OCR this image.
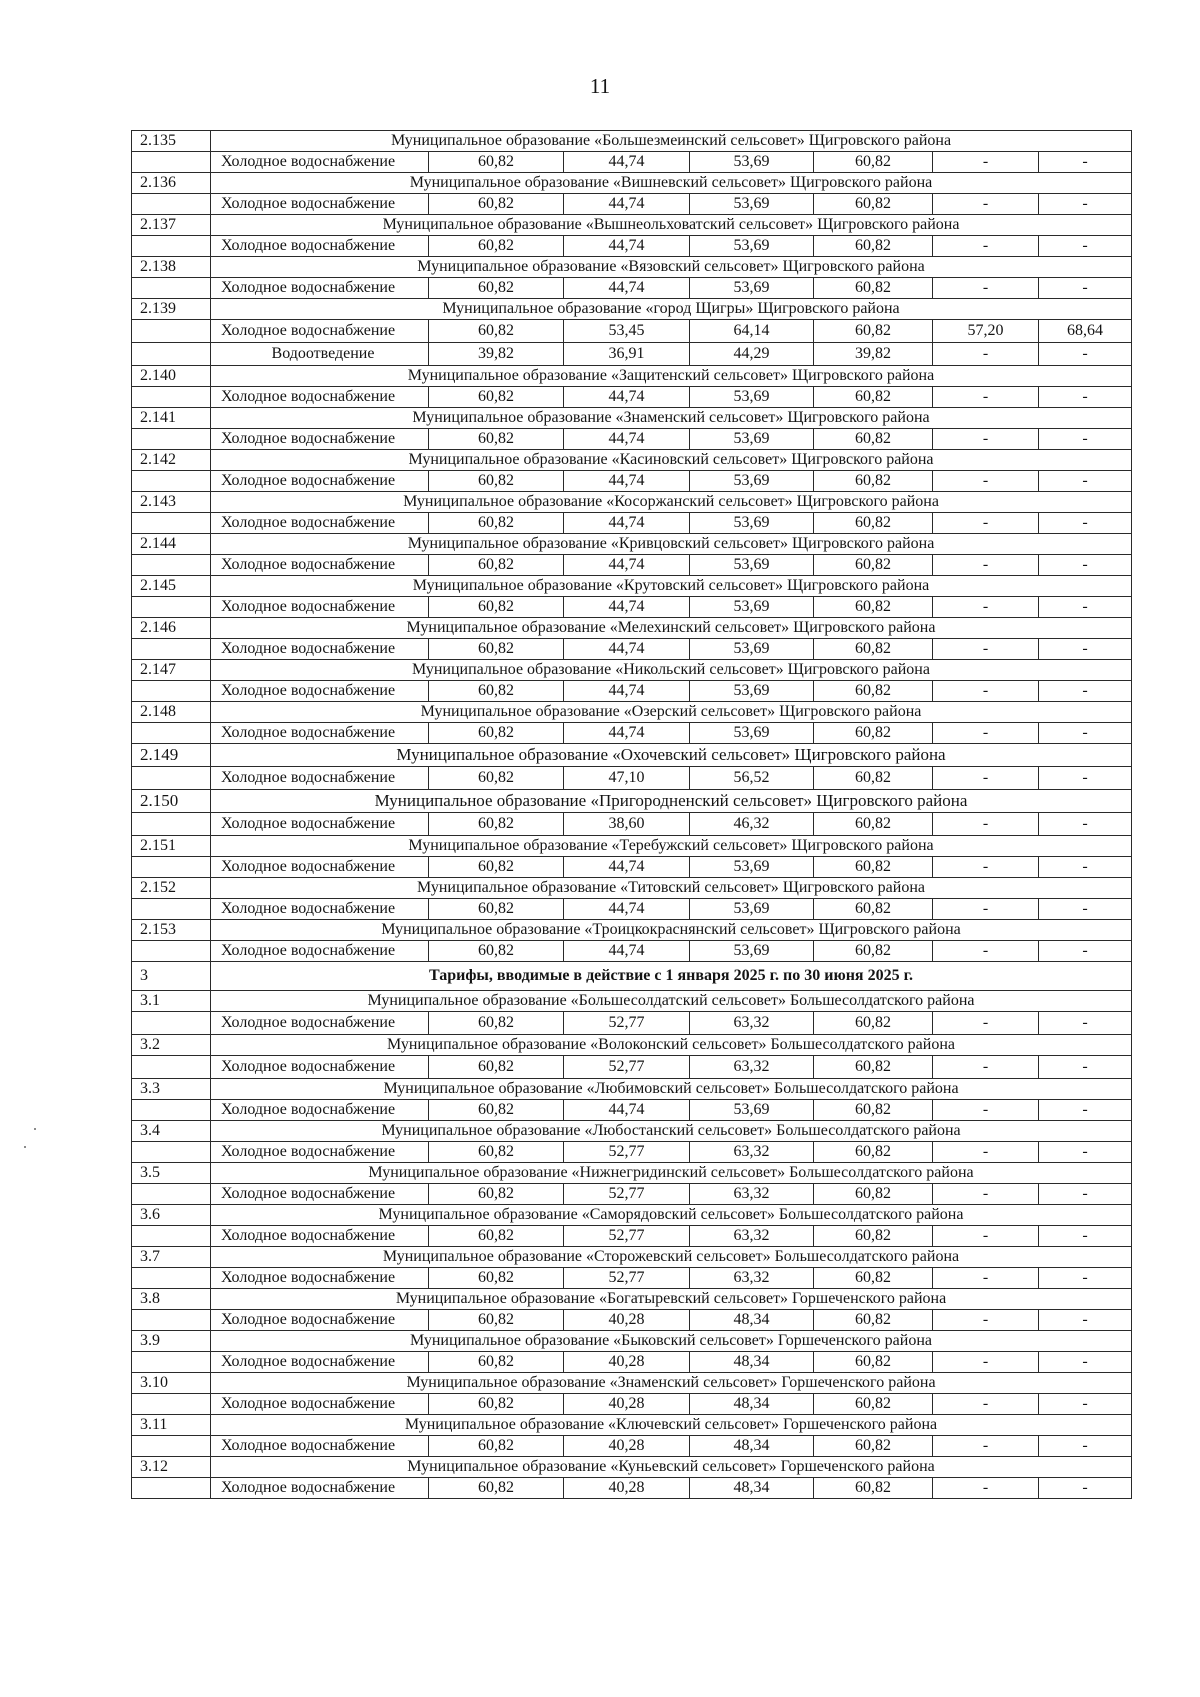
11
2.135	Муниципальное образование «Большезмеинский сельсовет» Щигровского района						
	Холодное водоснабжение	60,82	44,74	53,69	60,82	-	-
2.136	Муниципальное образование «Вишневский сельсовет» Щигровского района						
	Холодное водоснабжение	60,82	44,74	53,69	60,82	-	-
2.137	Муниципальное образование «Вышнеольховатский сельсовет» Щигровского района						
	Холодное водоснабжение	60,82	44,74	53,69	60,82	-	-
2.138	Муниципальное образование «Вязовский сельсовет» Щигровского района						
	Холодное водоснабжение	60,82	44,74	53,69	60,82	-	-
2.139	Муниципальное образование «город Щигры» Щигровского района						
	Холодное водоснабжение	60,82	53,45	64,14	60,82	57,20	68,64
	Водоотведение	39,82	36,91	44,29	39,82	-	-
2.140	Муниципальное образование «Защитенский сельсовет» Щигровского района						
	Холодное водоснабжение	60,82	44,74	53,69	60,82	-	-
2.141	Муниципальное образование «Знаменский сельсовет» Щигровского района						
	Холодное водоснабжение	60,82	44,74	53,69	60,82	-	-
2.142	Муниципальное образование «Касиновский сельсовет» Щигровского района						
	Холодное водоснабжение	60,82	44,74	53,69	60,82	-	-
2.143	Муниципальное образование «Косоржанский сельсовет» Щигровского района						
	Холодное водоснабжение	60,82	44,74	53,69	60,82	-	-
2.144	Муниципальное образование «Кривцовский сельсовет» Щигровского района						
	Холодное водоснабжение	60,82	44,74	53,69	60,82	-	-
2.145	Муниципальное образование «Крутовский сельсовет» Щигровского района						
	Холодное водоснабжение	60,82	44,74	53,69	60,82	-	-
2.146	Муниципальное образование «Мелехинский сельсовет» Щигровского района						
	Холодное водоснабжение	60,82	44,74	53,69	60,82	-	-
2.147	Муниципальное образование «Никольский сельсовет» Щигровского района						
	Холодное водоснабжение	60,82	44,74	53,69	60,82	-	-
2.148	Муниципальное образование «Озерский сельсовет» Щигровского района						
	Холодное водоснабжение	60,82	44,74	53,69	60,82	-	-
2.149	Муниципальное образование «Охочевский сельсовет» Щигровского района						
	Холодное водоснабжение	60,82	47,10	56,52	60,82	-	-
2.150	Муниципальное образование «Пригородненский сельсовет» Щигровского района						
	Холодное водоснабжение	60,82	38,60	46,32	60,82	-	-
2.151	Муниципальное образование «Теребужский сельсовет» Щигровского района						
	Холодное водоснабжение	60,82	44,74	53,69	60,82	-	-
2.152	Муниципальное образование «Титовский сельсовет» Щигровского района						
	Холодное водоснабжение	60,82	44,74	53,69	60,82	-	-
2.153	Муниципальное образование «Троицкокраснянский сельсовет» Щигровского района						
	Холодное водоснабжение	60,82	44,74	53,69	60,82	-	-
3	Тарифы, вводимые в действие с 1 января 2025 г. по 30 июня 2025 г.						
3.1	Муниципальное образование «Большесолдатский сельсовет» Большесолдатского района						
	Холодное водоснабжение	60,82	52,77	63,32	60,82	-	-
3.2	Муниципальное образование «Волоконский сельсовет» Большесолдатского района						
	Холодное водоснабжение	60,82	52,77	63,32	60,82	-	-
3.3	Муниципальное образование «Любимовский сельсовет» Большесолдатского района						
	Холодное водоснабжение	60,82	44,74	53,69	60,82	-	-
3.4	Муниципальное образование «Любостанский сельсовет» Большесолдатского района						
	Холодное водоснабжение	60,82	52,77	63,32	60,82	-	-
3.5	Муниципальное образование «Нижнегридинский сельсовет» Большесолдатского района						
	Холодное водоснабжение	60,82	52,77	63,32	60,82	-	-
3.6	Муниципальное образование «Саморядовский сельсовет» Большесолдатского района						
	Холодное водоснабжение	60,82	52,77	63,32	60,82	-	-
3.7	Муниципальное образование «Сторожевский сельсовет» Большесолдатского района						
	Холодное водоснабжение	60,82	52,77	63,32	60,82	-	-
3.8	Муниципальное образование «Богатыревский сельсовет» Горшеченского района						
	Холодное водоснабжение	60,82	40,28	48,34	60,82	-	-
3.9	Муниципальное образование «Быковский сельсовет» Горшеченского района						
	Холодное водоснабжение	60,82	40,28	48,34	60,82	-	-
3.10	Муниципальное образование «Знаменский сельсовет» Горшеченского района						
	Холодное водоснабжение	60,82	40,28	48,34	60,82	-	-
3.11	Муниципальное образование «Ключевский сельсовет» Горшеченского района						
	Холодное водоснабжение	60,82	40,28	48,34	60,82	-	-
3.12	Муниципальное образование «Куньевский сельсовет» Горшеченского района						
	Холодное водоснабжение	60,82	40,28	48,34	60,82	-	-
